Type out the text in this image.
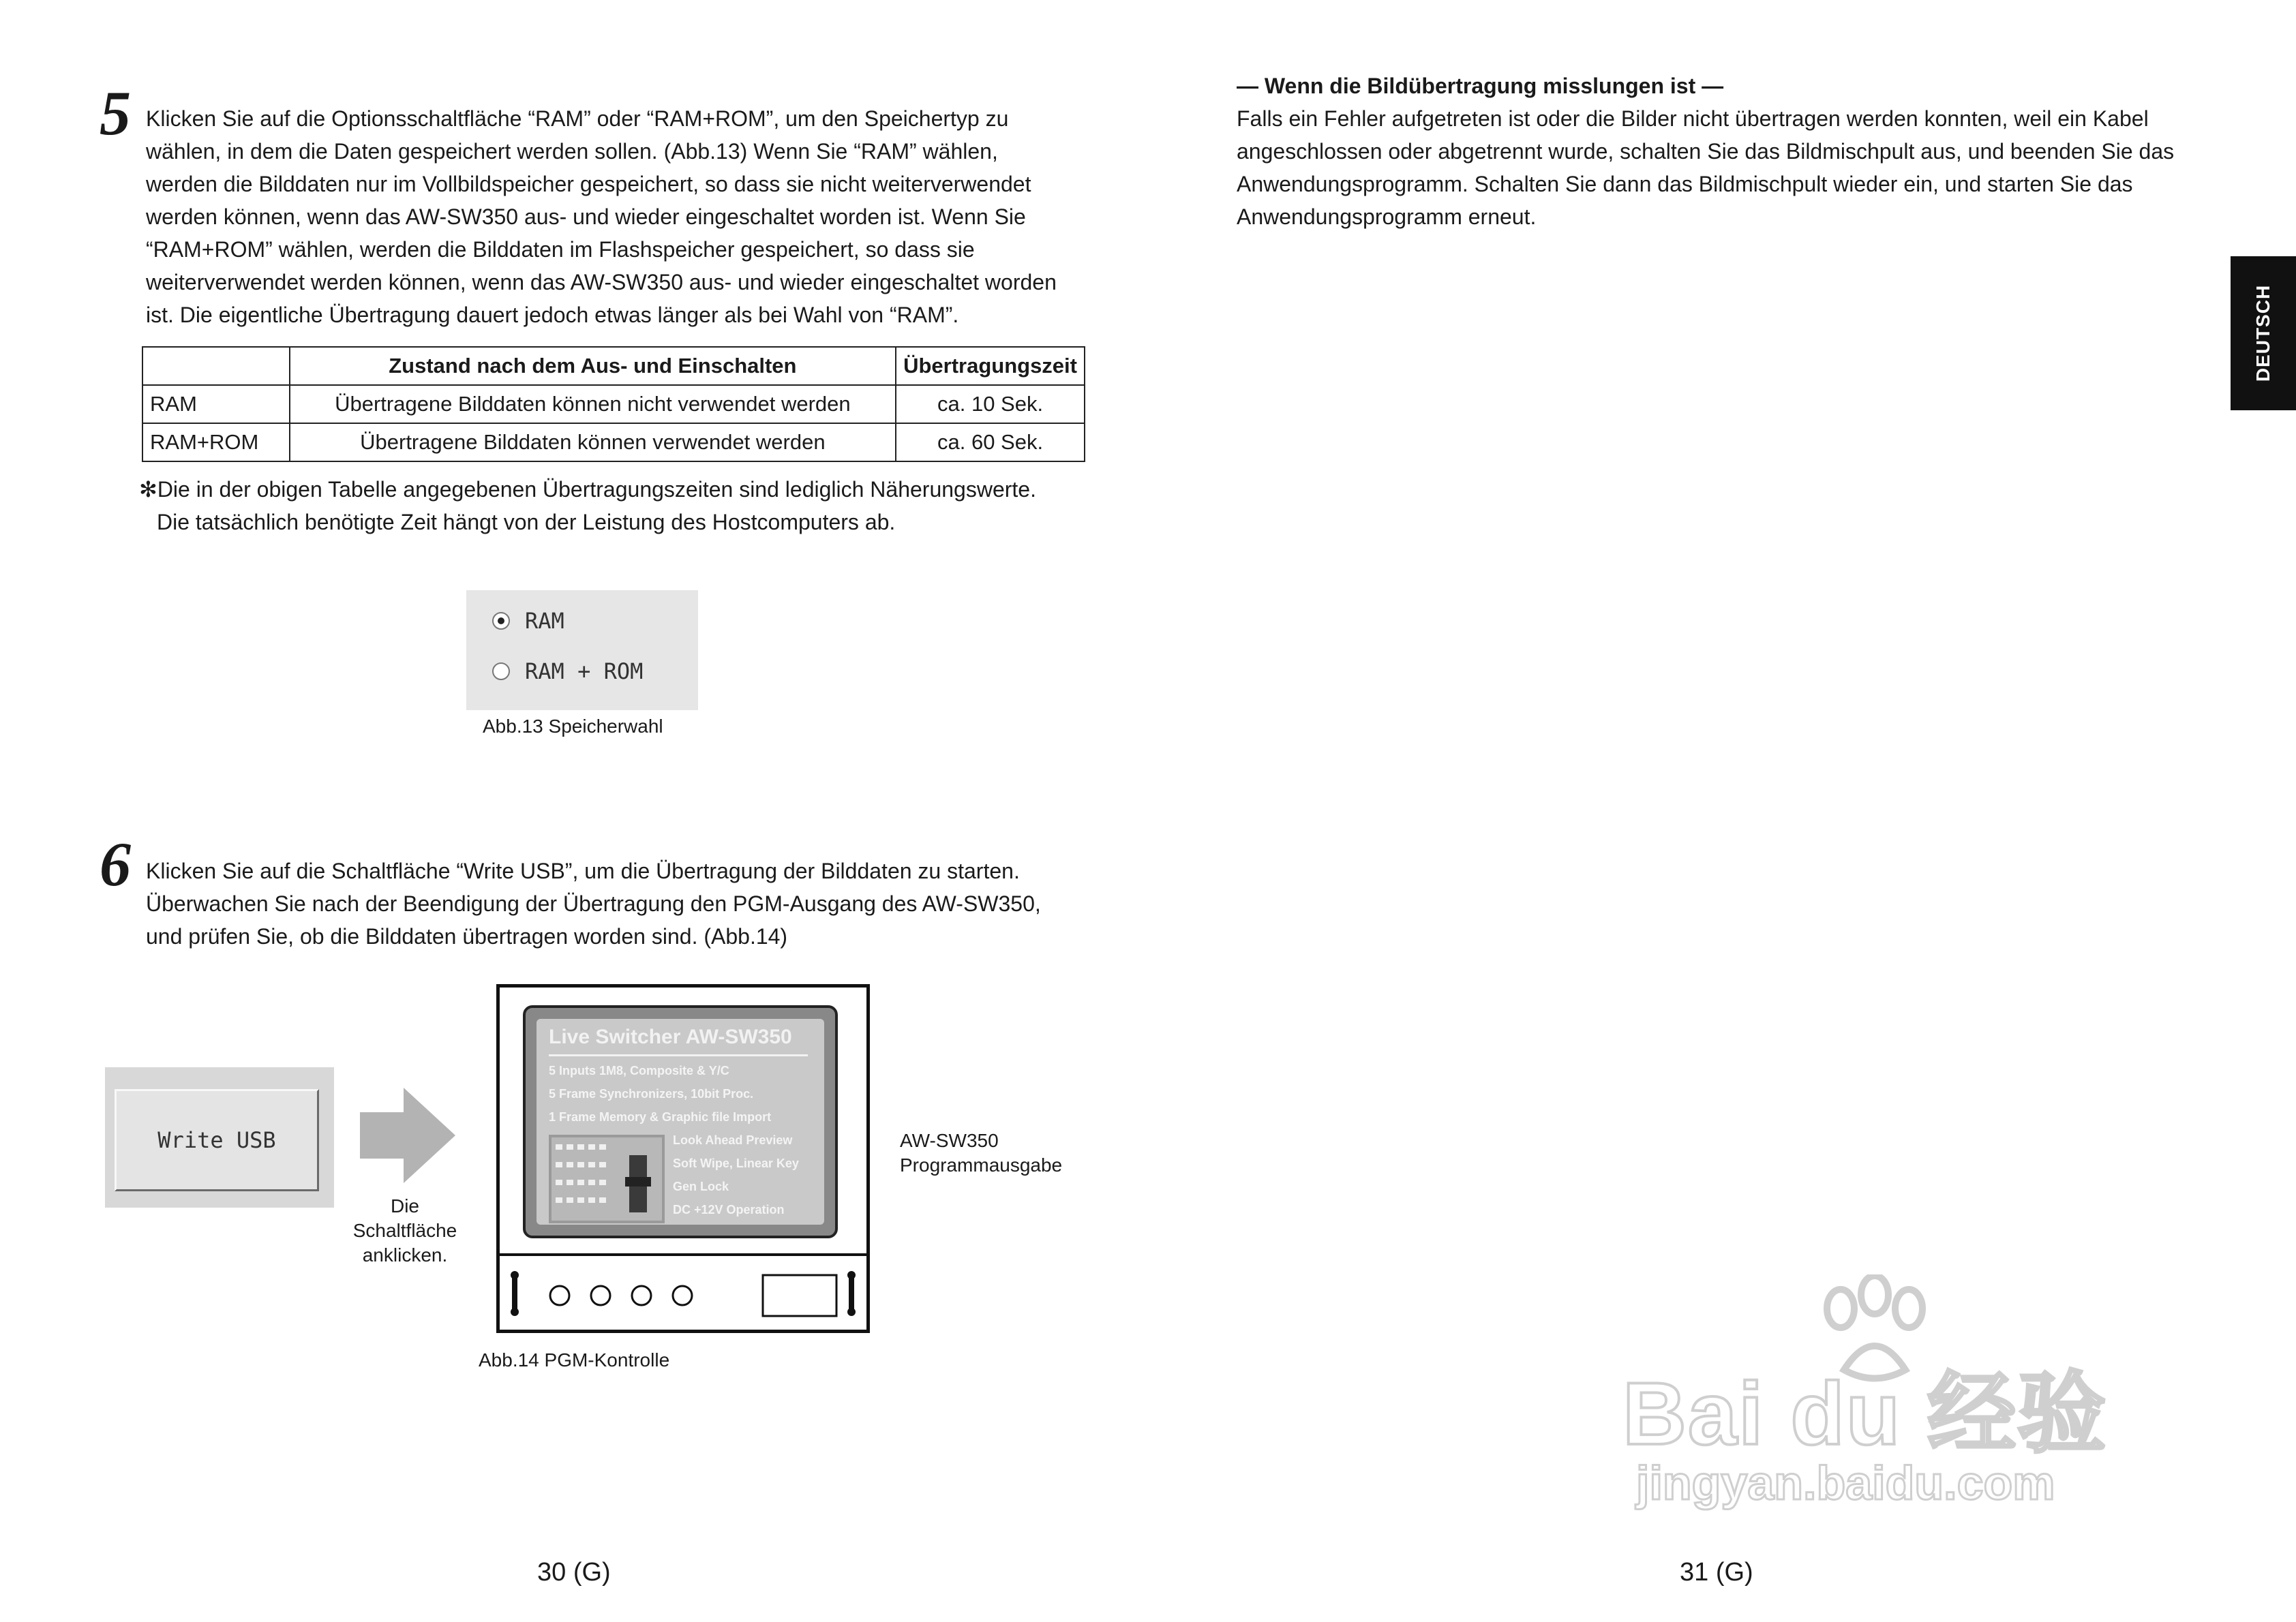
5 Klicken Sie auf die Optionsschaltfläche “RAM” oder “RAM+ROM”, um den Speichertyp zu
wählen, in dem die Daten gespeichert werden sollen. (Abb.13) Wenn Sie “RAM” wählen,
werden die Bilddaten nur im Vollbildspeicher gespeichert, so dass sie nicht weiterverwendet
werden können, wenn das AW-SW350 aus- und wieder eingeschaltet worden ist. Wenn Sie
“RAM+ROM” wählen, werden die Bilddaten im Flashspeicher gespeichert, so dass sie
weiterverwendet werden können, wenn das AW-SW350 aus- und wieder eingeschaltet worden
ist. Die eigentliche Übertragung dauert jedoch etwas länger als bei Wahl von “RAM”.
	Zustand nach dem Aus- und Einschalten	Übertragungszeit
RAM	Übertragene Bilddaten können nicht verwendet werden	ca. 10 Sek.
RAM+ROM	Übertragene Bilddaten können verwendet werden	ca. 60 Sek.
✻Die in der obigen Tabelle angegebenen Übertragungszeiten sind lediglich Näherungswerte.
Die tatsächlich benötigte Zeit hängt von der Leistung des Hostcomputers ab.
RAM
RAM + ROM
Abb.13 Speicherwahl
6 Klicken Sie auf die Schaltfläche “Write USB”, um die Übertragung der Bilddaten zu starten.
Überwachen Sie nach der Beendigung der Übertragung den PGM-Ausgang des AW-SW350,
und prüfen Sie, ob die Bilddaten übertragen worden sind. (Abb.14)
Write USB
Die
Schaltfläche
anklicken.
Live Switcher AW-SW350
5 Inputs 1M8, Composite & Y/C
5 Frame Synchronizers, 10bit Proc.
1 Frame Memory & Graphic file Import
Look Ahead Preview
Soft Wipe, Linear Key
Gen Lock
DC +12V Operation
AW-SW350
Programmausgabe
Abb.14 PGM-Kontrolle
30 (G)
— Wenn die Bildübertragung misslungen ist —
Falls ein Fehler aufgetreten ist oder die Bilder nicht übertragen werden konnten, weil ein Kabel
angeschlossen oder abgetrennt wurde, schalten Sie das Bildmischpult aus, und beenden Sie das
Anwendungsprogramm. Schalten Sie dann das Bildmischpult wieder ein, und starten Sie das
Anwendungsprogramm erneut.
DEUTSCH
Bai du 经验
jingyan.baidu.com
31 (G)
